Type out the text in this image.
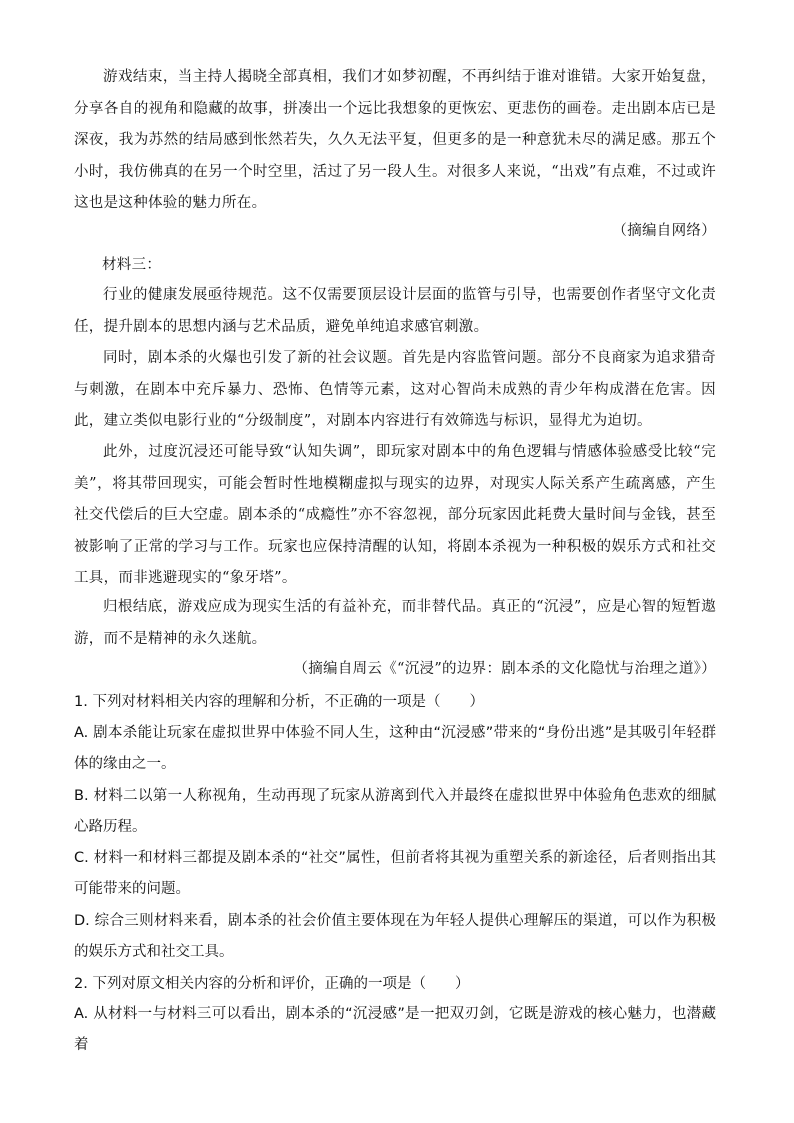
游戏结束，当主持人揭晓全部真相，我们才如梦初醒，不再纠结于谁对谁错。大家开始复盘，分享各自的视角和隐藏的故事，拼凑出一个远比我想象的更恢宏、更悲伤的画卷。走出剧本店已是深夜，我为苏然的结局感到怅然若失，久久无法平复，但更多的是一种意犹未尽的满足感。那五个小时，我仿佛真的在另一个时空里，活过了另一段人生。对很多人来说，“出戏”有点难，不过或许这也是这种体验的魅力所在。

（摘编自网络）

材料三：

行业的健康发展亟待规范。这不仅需要顶层设计层面的监管与引导，也需要创作者坚守文化责任，提升剧本的思想内涵与艺术品质，避免单纯追求感官刺激。

同时，剧本杀的火爆也引发了新的社会议题。首先是内容监管问题。部分不良商家为追求猎奇与刺激，在剧本中充斥暴力、恐怖、色情等元素，这对心智尚未成熟的青少年构成潜在危害。因此，建立类似电影行业的“分级制度”，对剧本内容进行有效筛选与标识，显得尤为迫切。

此外，过度沉浸还可能导致“认知失调”，即玩家对剧本中的角色逻辑与情感体验感受比较“完美”，将其带回现实，可能会暂时性地模糊虚拟与现实的边界，对现实人际关系产生疏离感，产生社交代偿后的巨大空虚。剧本杀的“成瘾性”亦不容忽视，部分玩家因此耗费大量时间与金钱，甚至被影响了正常的学习与工作。玩家也应保持清醒的认知，将剧本杀视为一种积极的娱乐方式和社交工具，而非逃避现实的“象牙塔”。

归根结底，游戏应成为现实生活的有益补充，而非替代品。真正的“沉浸”，应是心智的短暂遨游，而不是精神的永久迷航。

（摘编自周云《“沉浸”的边界：剧本杀的文化隐忧与治理之道》）

1. 下列对材料相关内容的理解和分析，不正确的一项是（　　）

A. 剧本杀能让玩家在虚拟世界中体验不同人生，这种由“沉浸感”带来的“身份出逃”是其吸引年轻群体的缘由之一。

B. 材料二以第一人称视角，生动再现了玩家从游离到代入并最终在虚拟世界中体验角色悲欢的细腻心路历程。

C. 材料一和材料三都提及剧本杀的“社交”属性，但前者将其视为重塑关系的新途径，后者则指出其可能带来的问题。

D. 综合三则材料来看，剧本杀的社会价值主要体现在为年轻人提供心理解压的渠道，可以作为积极的娱乐方式和社交工具。

2. 下列对原文相关内容的分析和评价，正确的一项是（　　）

A. 从材料一与材料三可以看出，剧本杀的“沉浸感”是一把双刃剑，它既是游戏的核心魅力，也潜藏着
